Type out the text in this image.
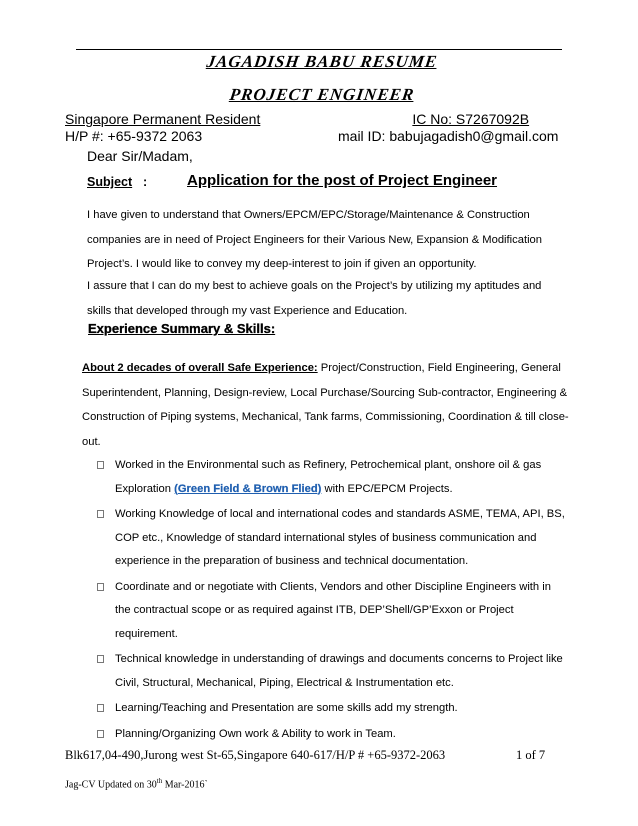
JAGADISH BABU RESUME
PROJECT ENGINEER
Singapore Permanent Resident	IC No: S7267092B
H/P #: +65-9372 2063	mail ID: babujagadish0@gmail.com
Dear Sir/Madam,
Subject :	Application for the post of Project Engineer
I have given to understand that Owners/EPCM/EPC/Storage/Maintenance & Construction companies are in need of Project Engineers for their Various New, Expansion & Modification Project’s. I would like to convey my deep-interest to join if given an opportunity.
I assure that I can do my best to achieve goals on the Project’s by utilizing my aptitudes and skills that developed through my vast Experience and Education.
Experience Summary & Skills:
About 2 decades of overall Safe Experience: Project/Construction, Field Engineering, General Superintendent, Planning, Design-review, Local Purchase/Sourcing Sub-contractor, Engineering & Construction of Piping systems, Mechanical, Tank farms, Commissioning, Coordination & till close-out.
Worked in the Environmental such as Refinery, Petrochemical plant, onshore oil & gas Exploration (Green Field & Brown Flied) with EPC/EPCM Projects.
Working Knowledge of local and international codes and standards ASME, TEMA, API, BS, COP etc., Knowledge of standard international styles of business communication and experience in the preparation of business and technical documentation.
Coordinate and or negotiate with Clients, Vendors and other Discipline Engineers with in the contractual scope or as required against ITB, DEP’Shell/GP’Exxon or Project requirement.
Technical knowledge in understanding of drawings and documents concerns to Project like Civil, Structural, Mechanical, Piping, Electrical & Instrumentation etc.
Learning/Teaching and Presentation are some skills add my strength.
Planning/Organizing Own work & Ability to work in Team.
Blk617,04-490,Jurong west St-65,Singapore 640-617/H/P # +65-9372-2063	1 of 7
Jag-CV Updated on 30th Mar-2016`
